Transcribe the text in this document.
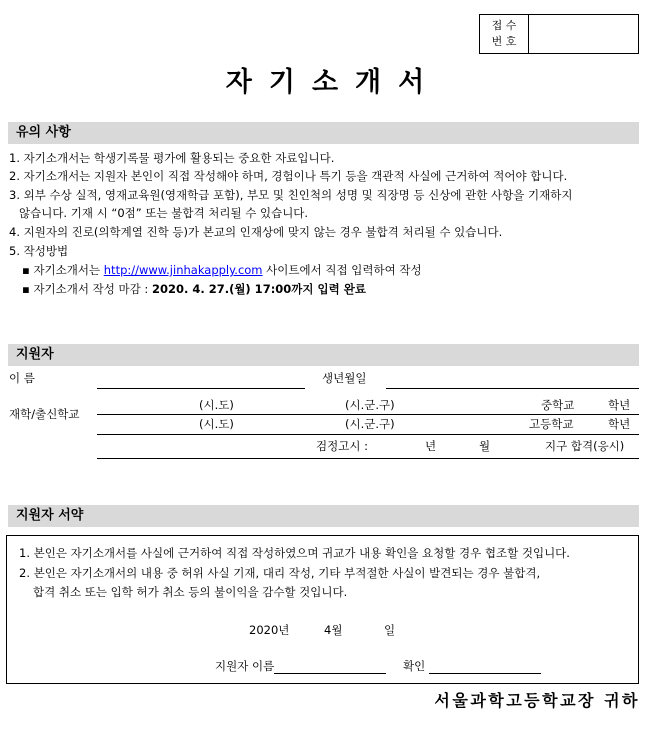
접 수
번 호
자기소개서
유의 사항
1. 자기소개서는 학생기록물 평가에 활용되는 중요한 자료입니다.
2. 자기소개서는 지원자 본인이 직접 작성해야 하며, 경험이나 특기 등을 객관적 사실에 근거하여 적어야 합니다.
3. 외부 수상 실적, 영재교육원(영재학급 포함), 부모 및 친인척의 성명 및 직장명 등 신상에 관한 사항을 기재하지
않습니다. 기재 시 “0점” 또는 불합격 처리될 수 있습니다.
4. 지원자의 진로(의학계열 진학 등)가 본교의 인재상에 맞지 않는 경우 불합격 처리될 수 있습니다.
5. 작성방법
▪ 자기소개서는 http://www.jinhakapply.com 사이트에서 직접 입력하여 작성
▪ 자기소개서 작성 마감 : 2020. 4. 27.(월) 17:00까지 입력 완료
지원자
이 름	생년월일
재학/출신학교
(시.도)	(시.군.구)	중학교	학년
(시.도)	(시.군.구)	고등학교	학년
검정고시 :	년	월	지구 합격(응시)
지원자 서약
1. 본인은 자기소개서를 사실에 근거하여 직접 작성하였으며 귀교가 내용 확인을 요청할 경우 협조할 것입니다.
2. 본인은 자기소개서의 내용 중 허위 사실 기재, 대리 작성, 기타 부적절한 사실이 발견되는 경우 불합격,
합격 취소 또는 입학 허가 취소 등의 불이익을 감수할 것입니다.
2020년	4월	일
지원자 이름	확인
서울과학고등학교장 귀하
